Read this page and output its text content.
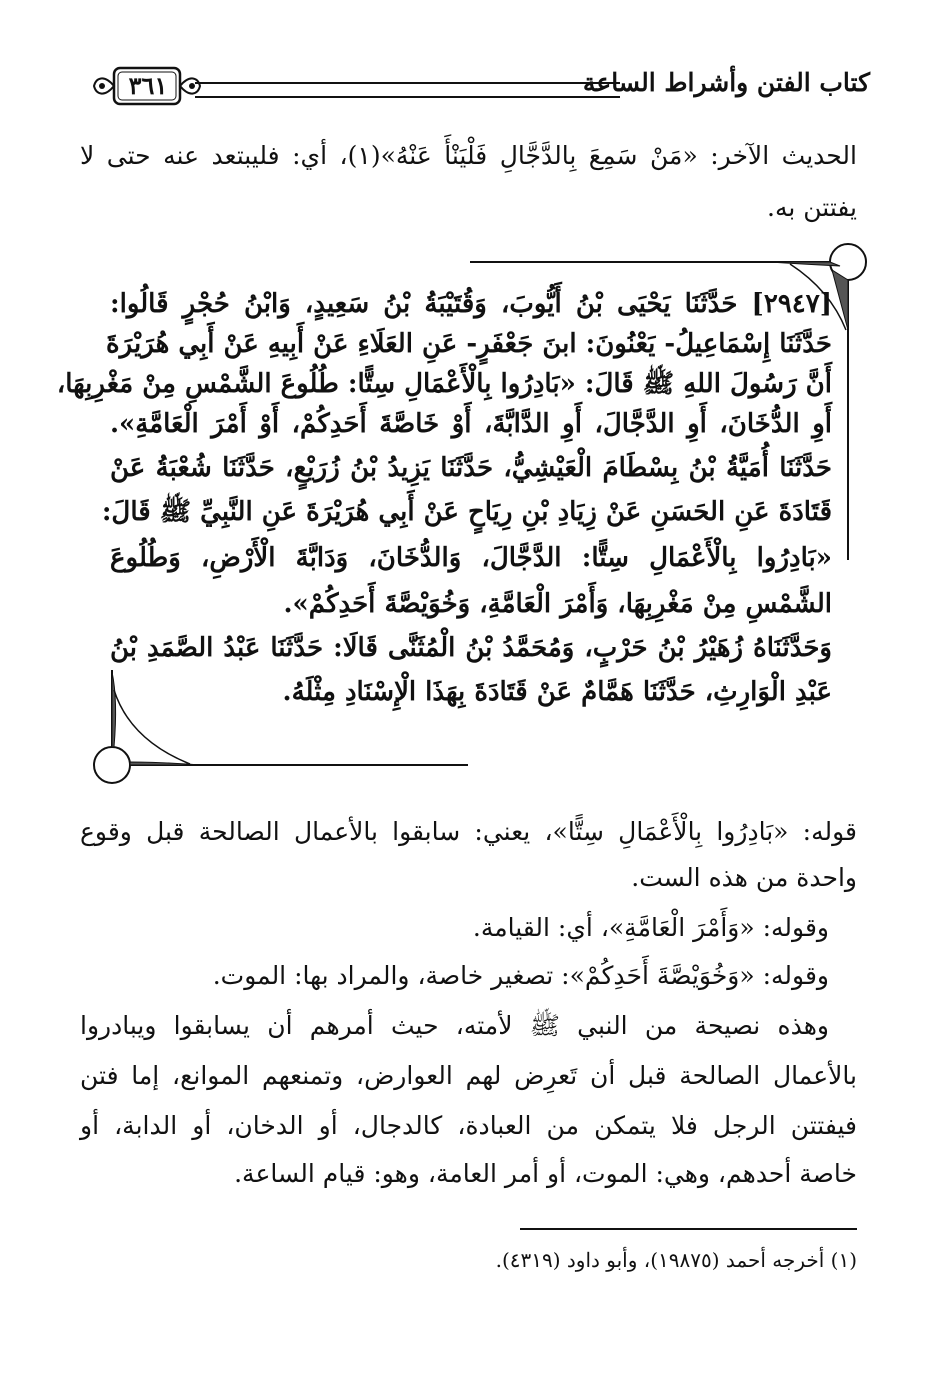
كتاب الفتن وأشراط الساعة
٣٦١
الحديث الآخر: «مَنْ سَمِعَ بِالدَّجَّالِ فَلْيَنْأَ عَنْهُ»(١)، أي: فليبتعد عنه حتى لا
يفتتن به.
[٢٩٤٧] حَدَّثَنَا يَحْيَى بْنُ أَيُّوبَ، وَقُتَيْبَةُ بْنُ سَعِيدٍ، وَابْنُ حُجْرٍ قَالُوا:
حَدَّثَنَا إِسْمَاعِيلُ- يَعْنُونَ: ابنَ جَعْفَرٍ- عَنِ العَلَاءِ عَنْ أَبِيهِ عَنْ أَبِي هُرَيْرَةَ
أَنَّ رَسُولَ اللهِ ﷺ قَالَ: «بَادِرُوا بِالْأَعْمَالِ سِتًّا: طُلُوعَ الشَّمْسِ مِنْ مَغْرِبِهَا،
أَوِ الدُّخَانَ، أَوِ الدَّجَّالَ، أَوِ الدَّابَّةَ، أَوْ خَاصَّةَ أَحَدِكُمْ، أَوْ أَمْرَ الْعَامَّةِ».
حَدَّثَنَا أُمَيَّةُ بْنُ بِسْطَامَ الْعَيْشِيُّ، حَدَّثَنَا يَزِيدُ بْنُ زُرَيْعٍ، حَدَّثَنَا شُعْبَةُ عَنْ
قَتَادَةَ عَنِ الحَسَنِ عَنْ زِيَادِ بْنِ رِيَاحٍ عَنْ أَبِي هُرَيْرَةَ عَنِ النَّبِيِّ ﷺ قَالَ:
«بَادِرُوا بِالْأَعْمَالِ سِتًّا: الدَّجَّالَ، وَالدُّخَانَ، وَدَابَّةَ الْأَرْضِ، وَطُلُوعَ
الشَّمْسِ مِنْ مَغْرِبِهَا، وَأَمْرَ الْعَامَّةِ، وَخُوَيْصَّةَ أَحَدِكُمْ».
وَحَدَّثَنَاهُ زُهَيْرُ بْنُ حَرْبٍ، وَمُحَمَّدُ بْنُ الْمُثَنَّى قَالَا: حَدَّثَنَا عَبْدُ الصَّمَدِ بْنُ
عَبْدِ الْوَارِثِ، حَدَّثَنَا هَمَّامٌ عَنْ قَتَادَةَ بِهَذَا الْإِسْنَادِ مِثْلَهُ.
قوله: «بَادِرُوا بِالْأَعْمَالِ سِتًّا»، يعني: سابقوا بالأعمال الصالحة قبل وقوع
واحدة من هذه الست.
وقوله: «وَأَمْرَ الْعَامَّةِ»، أي: القيامة.
وقوله: «وَخُوَيْصَّةَ أَحَدِكُمْ»: تصغير خاصة، والمراد بها: الموت.
وهذه نصيحة من النبي ﷺ لأمته، حيث أمرهم أن يسابقوا ويبادروا
بالأعمال الصالحة قبل أن تَعرِض لهم العوارض، وتمنعهم الموانع، إما فتن
فيفتتن الرجل فلا يتمكن من العبادة، كالدجال، أو الدخان، أو الدابة، أو
خاصة أحدهم، وهي: الموت، أو أمر العامة، وهو: قيام الساعة.
(١) أخرجه أحمد (١٩٨٧٥)، وأبو داود (٤٣١٩).
